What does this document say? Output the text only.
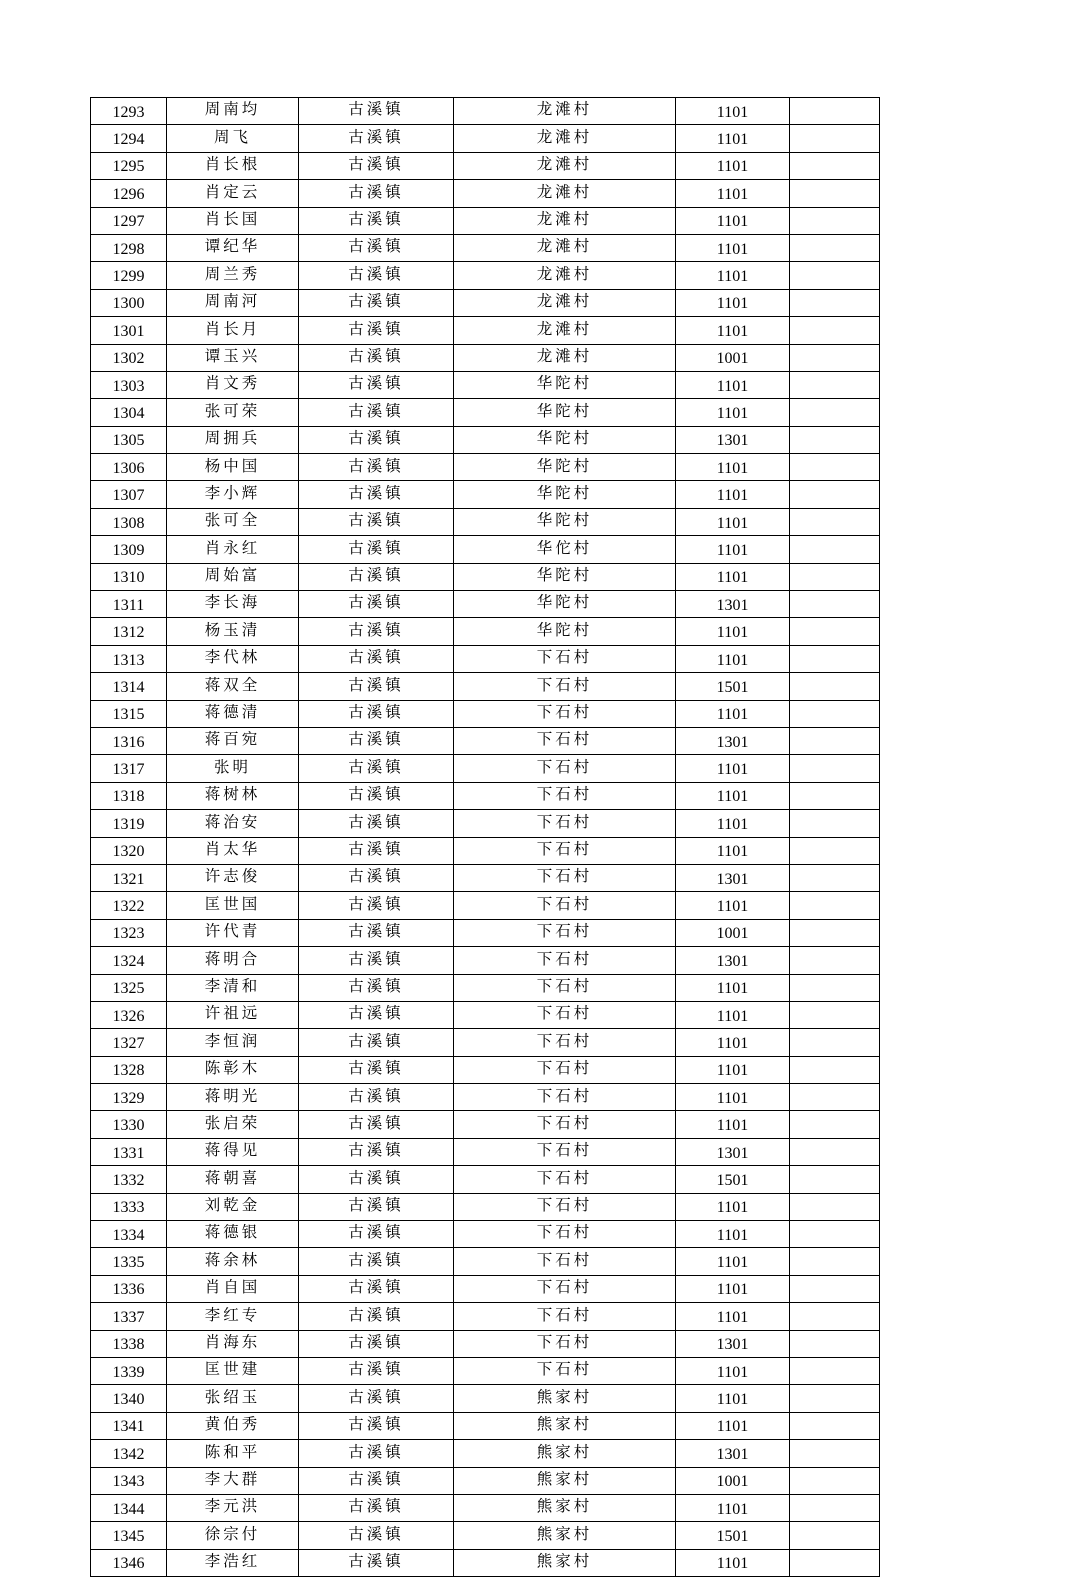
1293	周南均	古溪镇	龙滩村	1101	
1294	周飞	古溪镇	龙滩村	1101	
1295	肖长根	古溪镇	龙滩村	1101	
1296	肖定云	古溪镇	龙滩村	1101	
1297	肖长国	古溪镇	龙滩村	1101	
1298	谭纪华	古溪镇	龙滩村	1101	
1299	周兰秀	古溪镇	龙滩村	1101	
1300	周南河	古溪镇	龙滩村	1101	
1301	肖长月	古溪镇	龙滩村	1101	
1302	谭玉兴	古溪镇	龙滩村	1001	
1303	肖文秀	古溪镇	华陀村	1101	
1304	张可荣	古溪镇	华陀村	1101	
1305	周拥兵	古溪镇	华陀村	1301	
1306	杨中国	古溪镇	华陀村	1101	
1307	李小辉	古溪镇	华陀村	1101	
1308	张可全	古溪镇	华陀村	1101	
1309	肖永红	古溪镇	华佗村	1101	
1310	周始富	古溪镇	华陀村	1101	
1311	李长海	古溪镇	华陀村	1301	
1312	杨玉清	古溪镇	华陀村	1101	
1313	李代林	古溪镇	下石村	1101	
1314	蒋双全	古溪镇	下石村	1501	
1315	蒋德清	古溪镇	下石村	1101	
1316	蒋百宛	古溪镇	下石村	1301	
1317	张明	古溪镇	下石村	1101	
1318	蒋树林	古溪镇	下石村	1101	
1319	蒋治安	古溪镇	下石村	1101	
1320	肖太华	古溪镇	下石村	1101	
1321	许志俊	古溪镇	下石村	1301	
1322	匡世国	古溪镇	下石村	1101	
1323	许代青	古溪镇	下石村	1001	
1324	蒋明合	古溪镇	下石村	1301	
1325	李清和	古溪镇	下石村	1101	
1326	许祖远	古溪镇	下石村	1101	
1327	李恒润	古溪镇	下石村	1101	
1328	陈彰木	古溪镇	下石村	1101	
1329	蒋明光	古溪镇	下石村	1101	
1330	张启荣	古溪镇	下石村	1101	
1331	蒋得见	古溪镇	下石村	1301	
1332	蒋朝喜	古溪镇	下石村	1501	
1333	刘乾金	古溪镇	下石村	1101	
1334	蒋德银	古溪镇	下石村	1101	
1335	蒋余林	古溪镇	下石村	1101	
1336	肖自国	古溪镇	下石村	1101	
1337	李红专	古溪镇	下石村	1101	
1338	肖海东	古溪镇	下石村	1301	
1339	匡世建	古溪镇	下石村	1101	
1340	张绍玉	古溪镇	熊家村	1101	
1341	黄伯秀	古溪镇	熊家村	1101	
1342	陈和平	古溪镇	熊家村	1301	
1343	李大群	古溪镇	熊家村	1001	
1344	李元洪	古溪镇	熊家村	1101	
1345	徐宗付	古溪镇	熊家村	1501	
1346	李浩红	古溪镇	熊家村	1101	
